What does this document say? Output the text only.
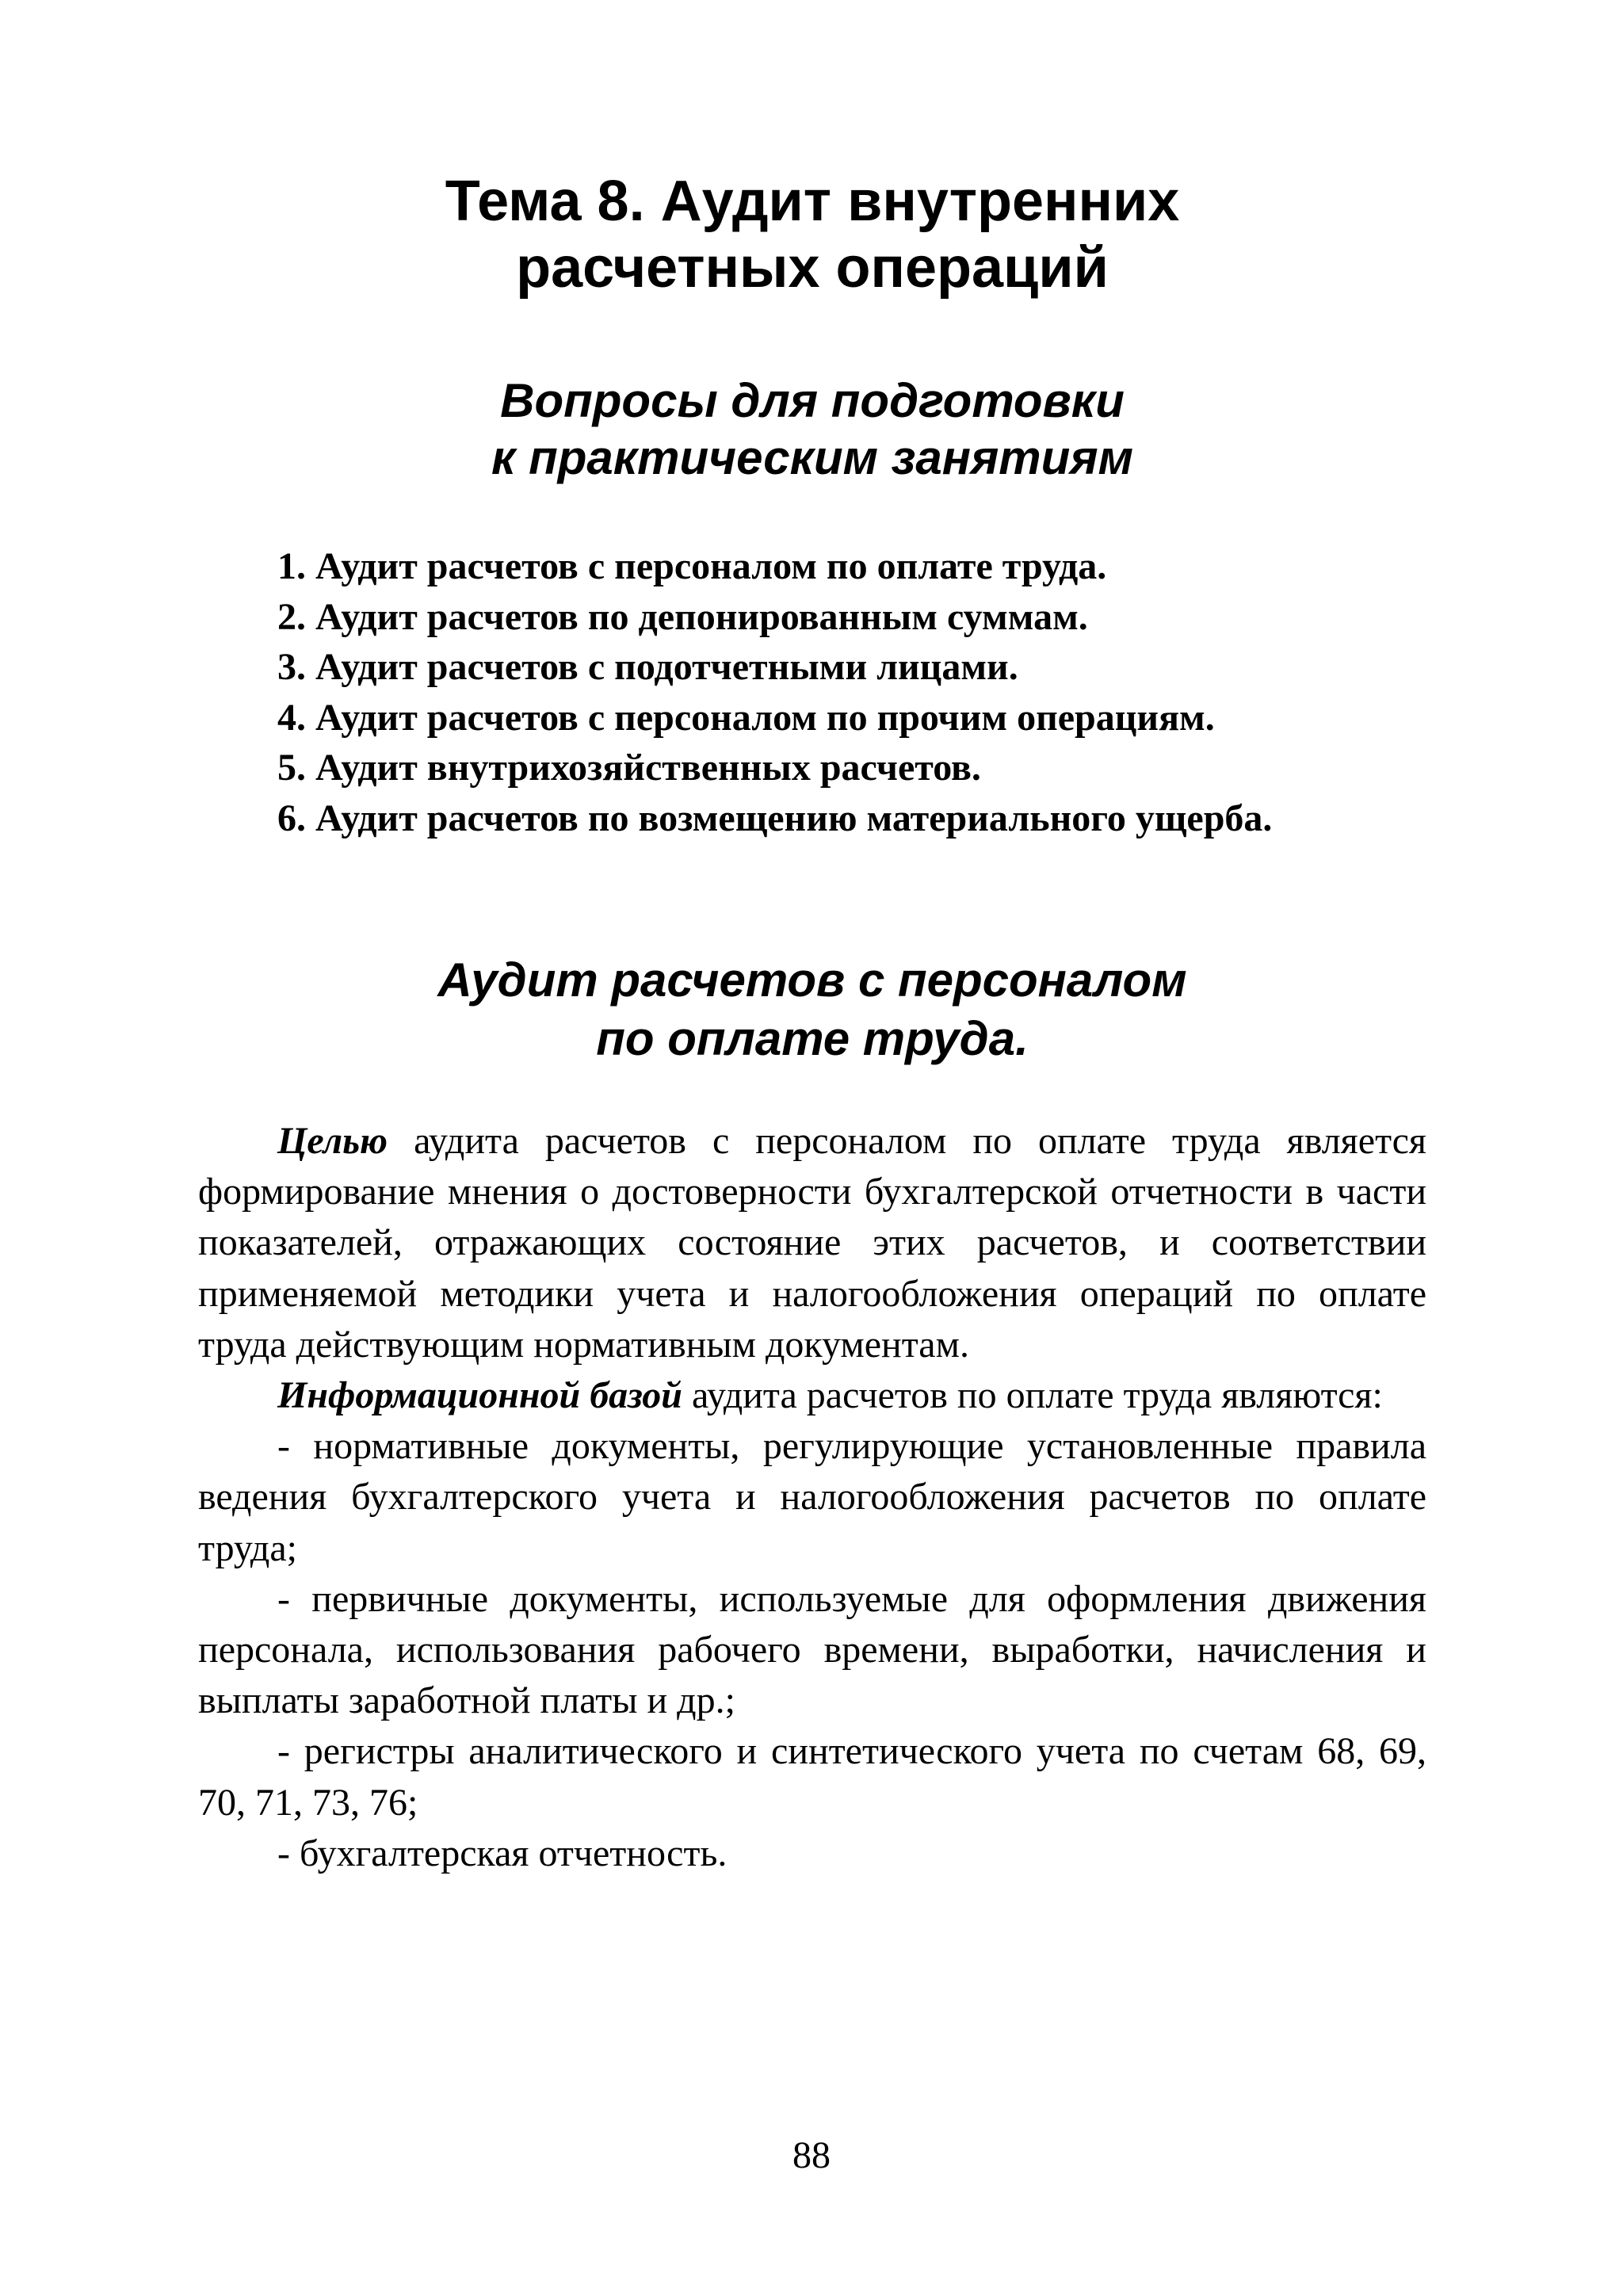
Тема 8. Аудит внутренних
расчетных операций
Вопросы для подготовки
к практическим занятиям
1. Аудит расчетов с персоналом по оплате труда.
2. Аудит расчетов по депонированным суммам.
3. Аудит расчетов с подотчетными лицами.
4. Аудит расчетов с персоналом по прочим операциям.
5. Аудит внутрихозяйственных расчетов.
6. Аудит расчетов по возмещению материального ущерба.
Аудит расчетов с персоналом
по оплате труда.

Целью аудита расчетов с персоналом по оплате труда является формирование мнения о достоверности бухгалтерской отчетности в части показателей, отражающих состояние этих расчетов, и соответствии применяемой методики учета и налогообложения операций по оплате труда действующим нормативным документам.

Информационной базой аудита расчетов по оплате труда являются:

- нормативные документы, регулирующие установленные правила ведения бухгалтерского учета и налогообложения расчетов по оплате труда;

- первичные документы, используемые для оформления движения персонала, использования рабочего времени, выработки, начисления и выплаты заработной платы и др.;

- регистры аналитического и синтетического учета по счетам 68, 69, 70, 71, 73, 76;

- бухгалтерская отчетность.

88
